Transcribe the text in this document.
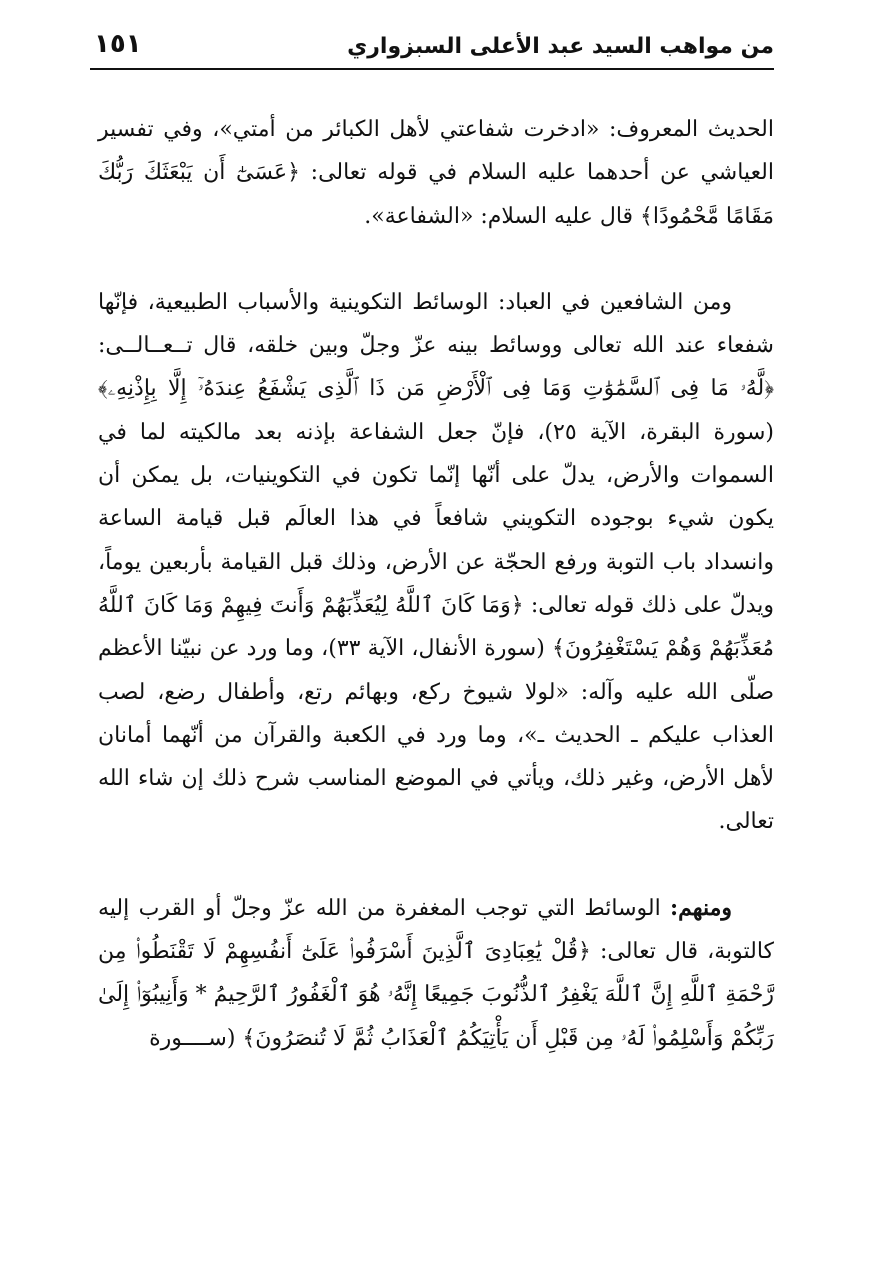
من مواهب السيد عبد الأعلى السبزواري
١٥١

الحديث المعروف: «ادخرت شفاعتي لأهل الكبائر من أمتي»، وفي تفسير العياشي عن أحدهما عليه السلام في قوله تعالى: ﴿عَسَىٰٓ أَن يَبْعَثَكَ رَبُّكَ مَقَامًا مَّحْمُودًا﴾ قال عليه السلام: «الشفاعة».

ومن الشافعين في العباد: الوسائط التكوينية والأسباب الطبيعية، فإنّها شفعاء عند الله تعالى ووسائط بينه عزّ وجلّ وبين خلقه، قال تــعــالــى: ﴿لَّهُۥ مَا فِى ٱلسَّمَٰوَٰتِ وَمَا فِى ٱلْأَرْضِ مَن ذَا ٱلَّذِى يَشْفَعُ عِندَهُۥٓ إِلَّا بِإِذْنِهِۦ﴾ (سورة البقرة، الآية ٢٥)، فإنّ جعل الشفاعة بإذنه بعد مالكيته لما في السموات والأرض، يدلّ على أنّها إنّما تكون في التكوينيات، بل يمكن أن يكون شيء بوجوده التكويني شافعاً في هذا العالَم قبل قيامة الساعة وانسداد باب التوبة ورفع الحجّة عن الأرض، وذلك قبل القيامة بأربعين يوماً، ويدلّ على ذلك قوله تعالى: ﴿وَمَا كَانَ ٱللَّهُ لِيُعَذِّبَهُمْ وَأَنتَ فِيهِمْ وَمَا كَانَ ٱللَّهُ مُعَذِّبَهُمْ وَهُمْ يَسْتَغْفِرُونَ﴾ (سورة الأنفال، الآية ٣٣)، وما ورد عن نبيّنا الأعظم صلّى الله عليه وآله: «لولا شيوخ ركع، وبهائم رتع، وأطفال رضع، لصب العذاب عليكم ـ الحديث ـ»، وما ورد في الكعبة والقرآن من أنّهما أمانان لأهل الأرض، وغير ذلك، ويأتي في الموضع المناسب شرح ذلك إن شاء الله تعالى.

ومنهم: الوسائط التي توجب المغفرة من الله عزّ وجلّ أو القرب إليه كالتوبة، قال تعالى: ﴿قُلْ يَٰعِبَادِىَ ٱلَّذِينَ أَسْرَفُوا۟ عَلَىٰٓ أَنفُسِهِمْ لَا تَقْنَطُوا۟ مِن رَّحْمَةِ ٱللَّهِ إِنَّ ٱللَّهَ يَغْفِرُ ٱلذُّنُوبَ جَمِيعًا إِنَّهُۥ هُوَ ٱلْغَفُورُ ٱلرَّحِيمُ * وَأَنِيبُوٓا۟ إِلَىٰ رَبِّكُمْ وَأَسْلِمُوا۟ لَهُۥ مِن قَبْلِ أَن يَأْتِيَكُمُ ٱلْعَذَابُ ثُمَّ لَا تُنصَرُونَ﴾ (ســــورة
